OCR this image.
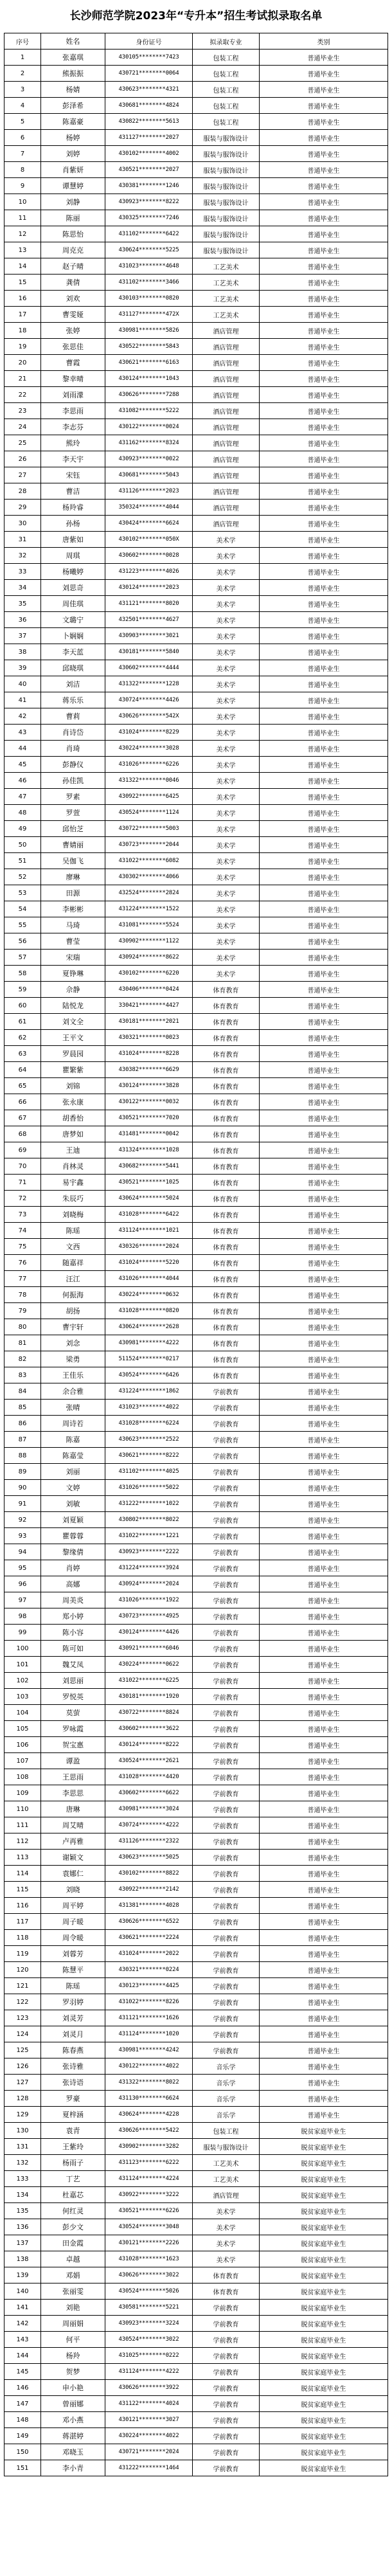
长沙师范学院2023年“专升本”招生考试拟录取名单
序号	姓名	身份证号	拟录取专业	类别
1	张嘉琪	430105********7423	包装工程	普通毕业生
2	熊振振	430721********0064	包装工程	普通毕业生
3	杨婧	430623********4321	包装工程	普通毕业生
4	彭泽希	430681********4824	包装工程	普通毕业生
5	陈嘉豪	430822********5613	包装工程	普通毕业生
6	杨婷	431127********2027	服装与服饰设计	普通毕业生
7	刘婷	430102********4002	服装与服饰设计	普通毕业生
8	肖紫妍	430521********2027	服装与服饰设计	普通毕业生
9	谭慧婷	430381********1246	服装与服饰设计	普通毕业生
10	刘静	430923********8222	服装与服饰设计	普通毕业生
11	陈丽	430325********7246	服装与服饰设计	普通毕业生
12	陈思怡	431102********6422	服装与服饰设计	普通毕业生
13	周克克	430624********5225	服装与服饰设计	普通毕业生
14	赵子晴	431023********4648	工艺美术	普通毕业生
15	龚倩	431102********3466	工艺美术	普通毕业生
16	刘欢	430103********0820	工艺美术	普通毕业生
17	曹雯娅	431127********472X	工艺美术	普通毕业生
18	张婷	430981********5826	酒店管理	普通毕业生
19	张思佳	430522********5843	酒店管理	普通毕业生
20	曹霞	430621********6163	酒店管理	普通毕业生
21	黎幸晴	430124********1043	酒店管理	普通毕业生
22	刘雨濛	430626********7288	酒店管理	普通毕业生
23	李思雨	431082********5222	酒店管理	普通毕业生
24	李志芬	430122********0024	酒店管理	普通毕业生
25	熊玲	431162********8324	酒店管理	普通毕业生
26	李天宇	430923********0022	酒店管理	普通毕业生
27	宋钰	430681********5043	酒店管理	普通毕业生
28	曹洁	431126********2023	酒店管理	普通毕业生
29	杨羚睿	350324********4044	酒店管理	普通毕业生
30	孙杨	430424********6624	酒店管理	普通毕业生
31	唐紫如	430102********050X	美术学	普通毕业生
32	周琪	430602********0028	美术学	普通毕业生
33	杨曦婷	431223********4026	美术学	普通毕业生
34	刘思奇	430124********2023	美术学	普通毕业生
35	周佳琪	431121********8020	美术学	普通毕业生
36	文璐宁	432501********4627	美术学	普通毕业生
37	卜娴娴	430903********3021	美术学	普通毕业生
38	李天蓝	430181********5840	美术学	普通毕业生
39	邱晓琪	430602********4444	美术学	普通毕业生
40	刘洁	431322********1228	美术学	普通毕业生
41	蒋乐乐	430724********4426	美术学	普通毕业生
42	曹莉	430626********542X	美术学	普通毕业生
43	肖诗岱	431024********8229	美术学	普通毕业生
44	肖琦	430224********3028	美术学	普通毕业生
45	彭静仪	431026********6226	美术学	普通毕业生
46	孙佳凯	431322********0046	美术学	普通毕业生
47	罗素	430922********6425	美术学	普通毕业生
48	罗萱	430524********1124	美术学	普通毕业生
49	邱怡芝	430722********5003	美术学	普通毕业生
50	曹婧丽	430723********2044	美术学	普通毕业生
51	吴伽飞	431022********6082	美术学	普通毕业生
52	廖琳	430302********4066	美术学	普通毕业生
53	田源	432524********2824	美术学	普通毕业生
54	李彬彬	431224********1522	美术学	普通毕业生
55	马琦	431081********5524	美术学	普通毕业生
56	曹莹	430902********1122	美术学	普通毕业生
57	宋瑞	430924********8622	美术学	普通毕业生
58	夏铮琳	430102********6220	美术学	普通毕业生
59	佘静	430406********0424	体育教育	普通毕业生
60	陆悦龙	330421********4427	体育教育	普通毕业生
61	刘文全	430181********2021	体育教育	普通毕业生
62	王平文	430321********0023	体育教育	普通毕业生
63	罗晨园	431024********8228	体育教育	普通毕业生
64	瞿繁紫	430382********6629	体育教育	普通毕业生
65	刘锦	430124********3828	体育教育	普通毕业生
66	张永康	430122********0032	体育教育	普通毕业生
67	胡香怡	430521********7020	体育教育	普通毕业生
68	唐梦如	431481********0042	体育教育	普通毕业生
69	王迪	431324********1028	体育教育	普通毕业生
70	肖林灵	430682********5441	体育教育	普通毕业生
71	易宇鑫	430521********1025	体育教育	普通毕业生
72	朱辰巧	430624********5024	体育教育	普通毕业生
73	刘晓梅	431028********6422	体育教育	普通毕业生
74	陈瑶	431124********1021	体育教育	普通毕业生
75	文西	430326********2024	体育教育	普通毕业生
76	随嘉祥	431024********5220	体育教育	普通毕业生
77	汪江	431026********4044	体育教育	普通毕业生
78	何振海	430224********0632	体育教育	普通毕业生
79	胡扬	431028********0820	体育教育	普通毕业生
80	曹宇轩	430624********2628	体育教育	普通毕业生
81	刘念	430981********4222	体育教育	普通毕业生
82	梁勇	511524********0217	体育教育	普通毕业生
83	王佳乐	430524********6426	体育教育	普通毕业生
84	余合雅	431224********1862	学前教育	普通毕业生
85	张晴	431023********4022	学前教育	普通毕业生
86	周诗若	431028********6224	学前教育	普通毕业生
87	陈嘉	430623********2522	学前教育	普通毕业生
88	陈嘉莹	430621********8222	学前教育	普通毕业生
89	刘丽	431102********4025	学前教育	普通毕业生
90	文婷	431026********5022	学前教育	普通毕业生
91	刘敏	431222********1022	学前教育	普通毕业生
92	刘夏颖	430802********8022	学前教育	普通毕业生
93	瞿蓉蓉	431022********1221	学前教育	普通毕业生
94	黎缘倩	430923********2222	学前教育	普通毕业生
95	肖婷	431224********3924	学前教育	普通毕业生
96	高娜	430924********2024	学前教育	普通毕业生
97	周美炎	431026********1922	学前教育	普通毕业生
98	郑小婷	430723********4925	学前教育	普通毕业生
99	陈小容	430124********4426	学前教育	普通毕业生
100	陈可如	430921********6046	学前教育	普通毕业生
101	魏艾凤	430224********0622	学前教育	普通毕业生
102	刘思丽	431022********6225	学前教育	普通毕业生
103	罗悦英	430181********1920	学前教育	普通毕业生
104	莫萤	430722********8824	学前教育	普通毕业生
105	罗咏霞	430602********3622	学前教育	普通毕业生
106	贺宝惠	430124********8222	学前教育	普通毕业生
107	谭盈	430524********2621	学前教育	普通毕业生
108	王思雨	431028********4420	学前教育	普通毕业生
109	李思思	430602********6622	学前教育	普通毕业生
110	唐琳	430981********3024	学前教育	普通毕业生
111	周艾晴	430724********4222	学前教育	普通毕业生
112	卢再雅	431126********2322	学前教育	普通毕业生
113	谢颖文	430623********5025	学前教育	普通毕业生
114	袁娜仁	430102********8822	学前教育	普通毕业生
115	刘晓	430922********2142	学前教育	普通毕业生
116	周平婷	431381********4028	学前教育	普通毕业生
117	周子暖	430626********6522	学前教育	普通毕业生
118	周令暖	430621********2224	学前教育	普通毕业生
119	刘蓉芳	431024********2022	学前教育	普通毕业生
120	陈慧平	430321********0224	学前教育	普通毕业生
121	陈瑶	430123********4425	学前教育	普通毕业生
122	罗羽婷	431022********8226	学前教育	普通毕业生
123	刘灵芳	431121********1626	学前教育	普通毕业生
124	刘灵月	431124********1020	学前教育	普通毕业生
125	陈春燕	430981********4242	学前教育	普通毕业生
126	张诗雅	430122********4022	音乐学	普通毕业生
127	张诗语	431322********8022	音乐学	普通毕业生
128	罗豪	431130********6624	音乐学	普通毕业生
129	夏梓涵	430624********4228	音乐学	普通毕业生
130	袁青	430626********5422	包装工程	脱贫家庭毕业生
131	王紫玲	430902********3282	服装与服饰设计	脱贫家庭毕业生
132	杨雨子	431123********6222	工艺美术	脱贫家庭毕业生
133	丁艺	431124********4224	工艺美术	脱贫家庭毕业生
134	杜嘉芯	430922********3222	酒店管理	脱贫家庭毕业生
135	何红灵	430521********6226	美术学	脱贫家庭毕业生
136	彭少文	430524********3048	美术学	脱贫家庭毕业生
137	田金霞	430121********2226	美术学	脱贫家庭毕业生
138	卓越	431028********1623	美术学	脱贫家庭毕业生
139	邓娟	430626********3022	体育教育	脱贫家庭毕业生
140	张丽雯	430524********5026	体育教育	脱贫家庭毕业生
141	刘艳	430581********5221	学前教育	脱贫家庭毕业生
142	周丽娟	430923********3224	学前教育	脱贫家庭毕业生
143	何平	430524********3022	学前教育	脱贫家庭毕业生
144	杨羚	431025********0222	学前教育	脱贫家庭毕业生
145	贺梦	431124********4222	学前教育	脱贫家庭毕业生
146	申小艳	430626********3922	学前教育	脱贫家庭毕业生
147	曾丽娜	431122********4024	学前教育	脱贫家庭毕业生
148	邓小燕	430121********3027	学前教育	脱贫家庭毕业生
149	蒋湛婷	430224********4022	学前教育	脱贫家庭毕业生
150	邓晓玉	430721********2024	学前教育	脱贫家庭毕业生
151	李小青	431222********1464	学前教育	脱贫家庭毕业生
